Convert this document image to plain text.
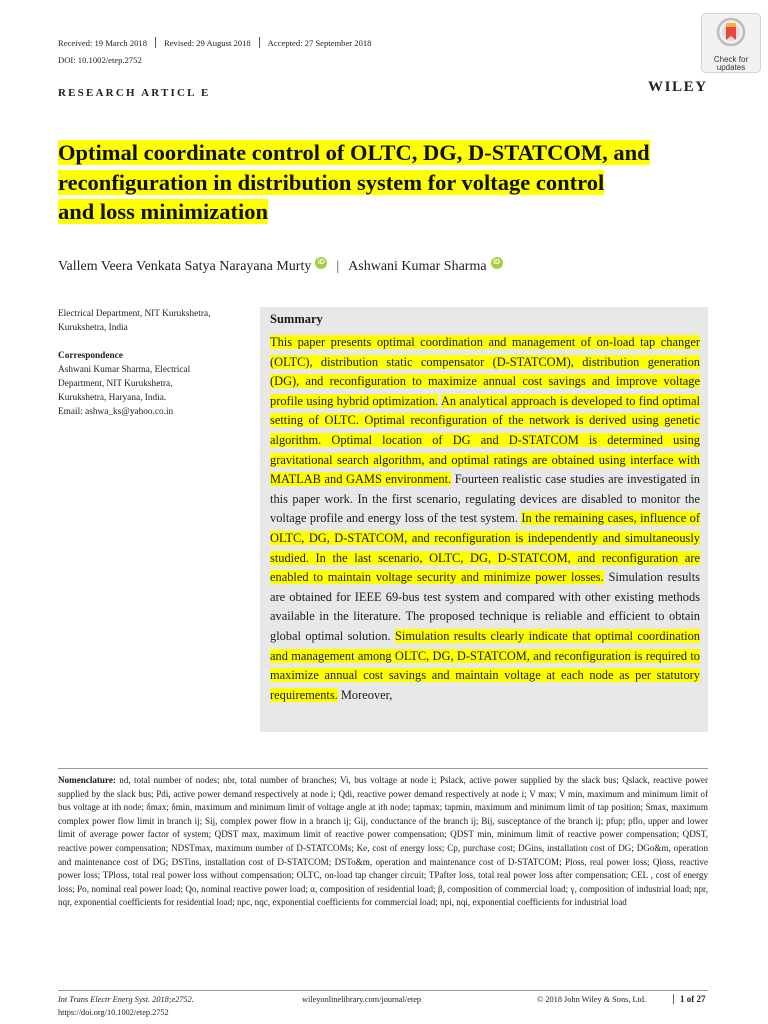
Received: 19 March 2018 Revised: 29 August 2018 Accepted: 27 September 2018
DOI: 10.1002/etep.2752
RESEARCH ARTICL E
Check for
updates
WILEY
Optimal coordinate control of OLTC, DG, D-STATCOM, and
reconfiguration in distribution system for voltage control
and loss minimization
Vallem Veera Venkata Satya Narayana Murty iD | Ashwani Kumar Sharma iD
Electrical Department, NIT Kurukshetra,
Kurukshetra, India
Correspondence
Ashwani Kumar Sharma, Electrical
Department, NIT Kurukshetra,
Kurukshetra, Haryana, India.
Email: ashwa_ks@yahoo.co.in
Summary

This paper presents optimal coordination and management of on-load tap changer (OLTC), distribution static compensator (D-STATCOM), distribution generation (DG), and reconfiguration to maximize annual cost savings and improve voltage profile using hybrid optimization. An analytical approach is developed to find optimal setting of OLTC. Optimal reconfiguration of the network is derived using genetic algorithm. Optimal location of DG and D-STATCOM is determined using gravitational search algorithm, and optimal ratings are obtained using interface with MATLAB and GAMS environment. Fourteen realistic case studies are investigated in this paper work. In the first scenario, regulating devices are disabled to monitor the voltage profile and energy loss of the test system. In the remaining cases, influence of OLTC, DG, D-STATCOM, and reconfiguration is independently and simultaneously studied. In the last scenario, OLTC, DG, D-STATCOM, and reconfiguration are enabled to maintain voltage security and minimize power losses. Simulation results are obtained for IEEE 69-bus test system and compared with other existing methods available in the literature. The proposed technique is reliable and efficient to obtain global optimal solution. Simulation results clearly indicate that optimal coordination and management among OLTC, DG, D-STATCOM, and reconfiguration is required to maximize annual cost savings and maintain voltage at each node as per statutory requirements. Moreover,

Nomenclature: nd, total number of nodes; nbr, total number of branches; Vi, bus voltage at node i; Pslack, active power supplied by the slack bus; Qslack, reactive power supplied by the slack bus; Pdi, active power demand respectively at node i; Qdi, reactive power demand respectively at node i; V max; V min, maximum and minimum limit of bus voltage at ith node; δmax; δmin, maximum and minimum limit of voltage angle at ith node; tapmax; tapmin, maximum and minimum limit of tap position; Smax, maximum complex power flow limit in branch ij; Sij, complex power flow in a branch ij; Gij, conductance of the branch ij; Bij, susceptance of the branch ij; pfup; pflo, upper and lower limit of average power factor of system; QDST max, maximum limit of reactive power compensation; QDST min, minimum limit of reactive power compensation; QDST, reactive power compensation; NDSTmax, maximum number of D-STATCOMs; Ke, cost of energy loss; Cp, purchase cost; DGins, installation cost of DG; DGo&m, operation and maintenance cost of DG; DSTins, installation cost of D-STATCOM; DSTo&m, operation and maintenance cost of D-STATCOM; Ploss, real power loss; Qloss, reactive power loss; TPloss, total real power loss without compensation; OLTC, on-load tap changer circuit; TPafter loss, total real power loss after compensation; CEL , cost of energy loss; Po, nominal real power load; Qo, nominal reactive power load; α, composition of residential load; β, composition of commercial load; γ, composition of industrial load; npr, nqr, exponential coefficients for residential load; npc, nqc, exponential coefficients for commercial load; npi, nqi, exponential coefficients for industrial load

Int Trans Electr Energ Syst. 2018;e2752.
https://doi.org/10.1002/etep.2752
wileyonlinelibrary.com/journal/etep	© 2018 John Wiley & Sons, Ltd.	1 of 27
